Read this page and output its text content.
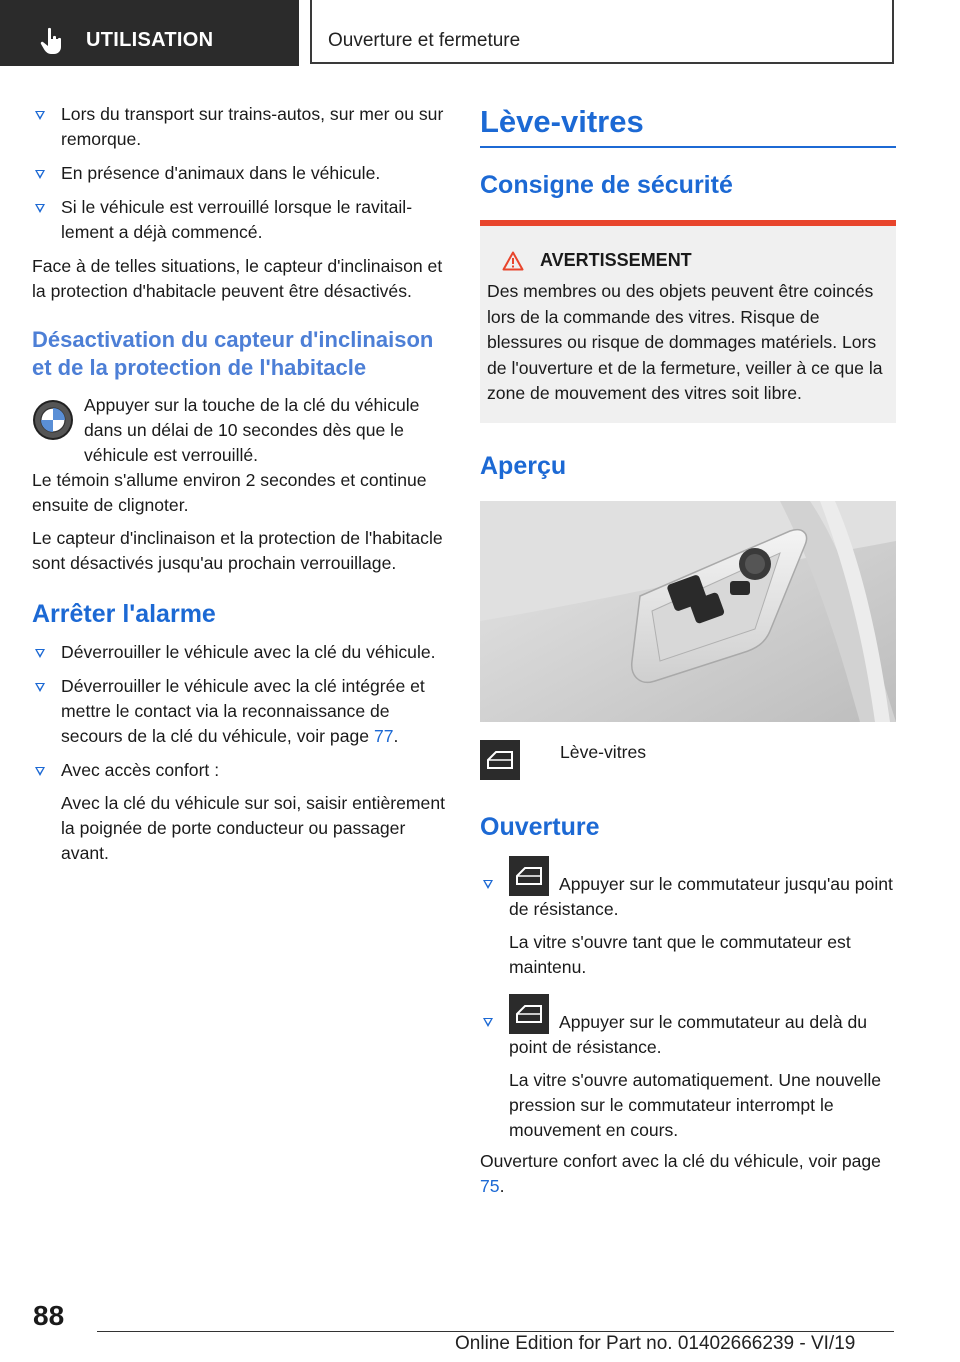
UTILISATION	Ouverture et fermeture
Lors du transport sur trains-autos, sur mer ou sur remorque.
En présence d'animaux dans le véhicule.
Si le véhicule est verrouillé lorsque le ravitaillement a déjà commencé.

Face à de telles situations, le capteur d'inclinaison et la protection d'habitacle peuvent être désactivés.

Désactivation du capteur d'inclinaison et de la protection de l'habitacle

Appuyer sur la touche de la clé du véhicule dans un délai de 10 secondes dès que le véhicule est verrouillé.

Le témoin s'allume environ 2 secondes et continue ensuite de clignoter.

Le capteur d'inclinaison et la protection de l'habitacle sont désactivés jusqu'au prochain verrouillage.

Arrêter l'alarme
Déverrouiller le véhicule avec la clé du véhicule.
Déverrouiller le véhicule avec la clé intégrée et mettre le contact via la reconnaissance de secours de la clé du véhicule, voir page 77.
Avec accès confort :
Avec la clé du véhicule sur soi, saisir entièrement la poignée de porte conducteur ou passager avant.
Lève-vitres
Consigne de sécurité
AVERTISSEMENT
Des membres ou des objets peuvent être coincés lors de la commande des vitres. Risque de blessures ou risque de dommages matériels. Lors de l'ouverture et de la fermeture, veiller à ce que la zone de mouvement des vitres soit libre.
Aperçu
Lève-vitres
Ouverture
Appuyer sur le commutateur jusqu'au point de résistance.
La vitre s'ouvre tant que le commutateur est maintenu.
Appuyer sur le commutateur au delà du point de résistance.
La vitre s'ouvre automatiquement. Une nouvelle pression sur le commutateur interrompt le mouvement en cours.

Ouverture confort avec la clé du véhicule, voir page 75.

88
Online Edition for Part no. 01402666239 - VI/19
